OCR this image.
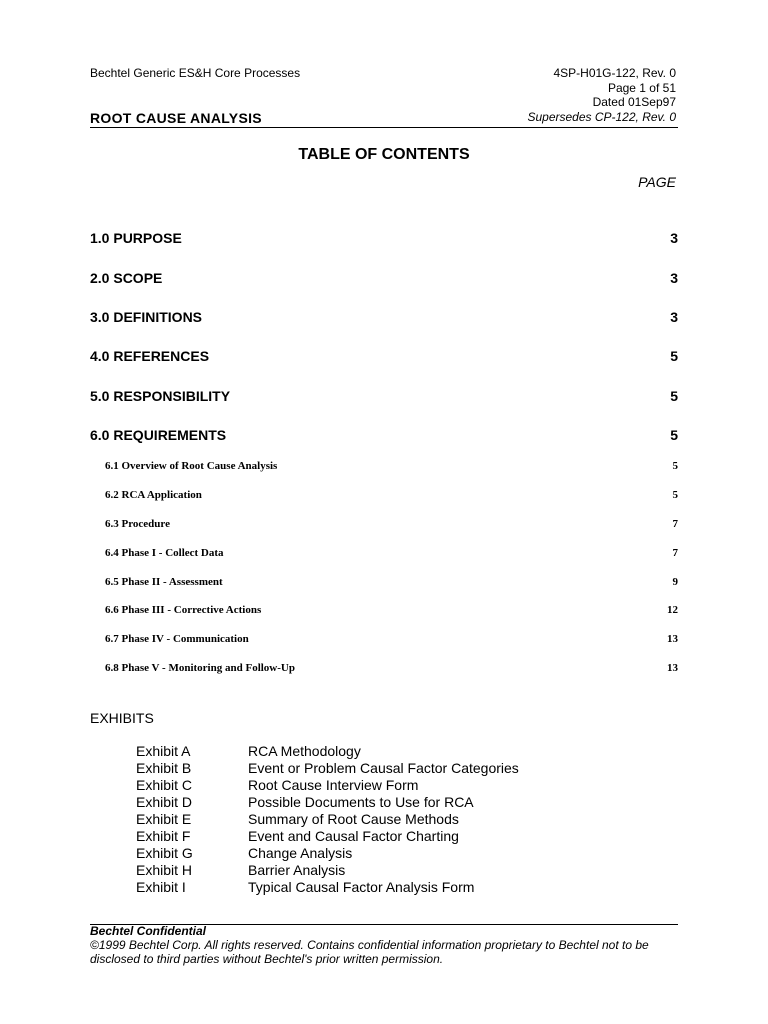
Bechtel Generic ES&H Core Processes
ROOT CAUSE ANALYSIS
4SP-H01G-122, Rev. 0
Page 1 of 51
Dated 01Sep97
Supersedes CP-122, Rev. 0
TABLE OF CONTENTS
PAGE
1.0 PURPOSE	3
2.0 SCOPE	3
3.0 DEFINITIONS	3
4.0 REFERENCES	5
5.0 RESPONSIBILITY	5
6.0 REQUIREMENTS	5
6.1 Overview of Root Cause Analysis	5
6.2 RCA Application	5
6.3 Procedure	7
6.4 Phase I - Collect Data	7
6.5 Phase II - Assessment	9
6.6 Phase III - Corrective Actions	12
6.7 Phase IV - Communication	13
6.8 Phase V - Monitoring and Follow-Up	13
EXHIBITS
Exhibit A	RCA Methodology
Exhibit B	Event or Problem Causal Factor Categories
Exhibit C	Root Cause Interview Form
Exhibit D	Possible Documents to Use for RCA
Exhibit E	Summary of Root Cause Methods
Exhibit F	Event and Causal Factor Charting
Exhibit G	Change Analysis
Exhibit H	Barrier Analysis
Exhibit I	Typical Causal Factor Analysis Form
Bechtel Confidential
©1999 Bechtel Corp. All rights reserved. Contains confidential information proprietary to Bechtel not to be disclosed to third parties without Bechtel's prior written permission.
